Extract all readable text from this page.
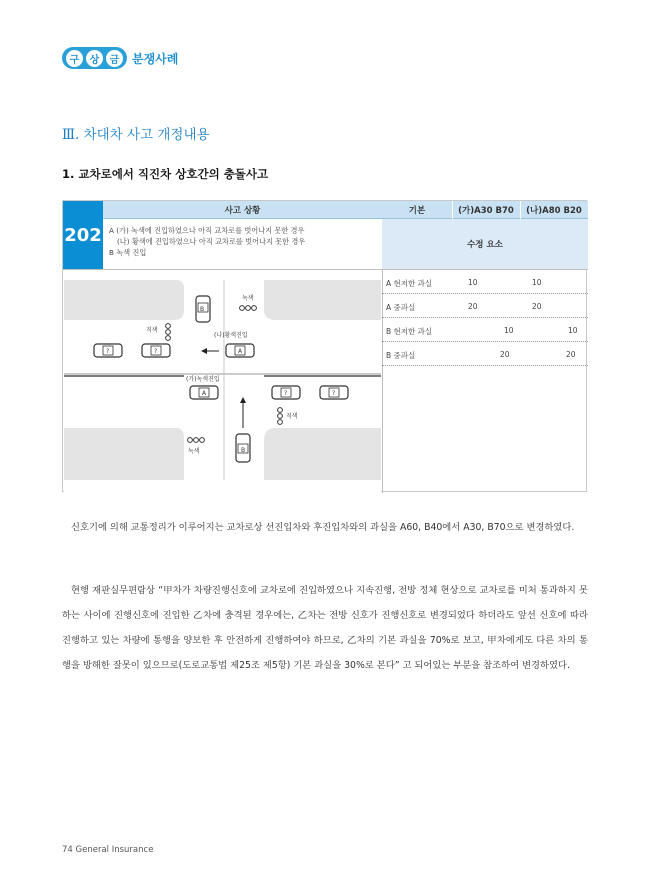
구	상	금	분쟁사례
Ⅲ. 차대차 사고 개정내용
1. 교차로에서 직진차 상호간의 충돌사고
사고 상황	기본	(가)A30 B70	(나)A80 B20
202 A (가) 녹색에 진입하였으나 아직 교차로를 벗어나지 못한 경우
(나) 황색에 진입하였으나 아직 교차로를 벗어나지 못한 경우
B 녹색 진입
수정 요소
A 현저한 과실	10	10
A 중과실	20	20
B 현저한 과실	10	10
B 중과실	20	20
녹색
직색
(나)황색진입
(가)녹색진입
직색
녹색
B
?	?	A
A	?	?
B

신호기에 의해 교통정리가 이루어지는 교차로상 선진입차와 후진입차와의 과실을 A60, B40에서 A30, B70으로 변경하였다.

현행 재판실무편람상 “甲차가 차량진행신호에 교차로에 진입하였으나 지속진행, 전방 정체 현상으로 교차로를 미처 통과하지 못하는 사이에 진행신호에 진입한 乙차에 충격된 경우에는, 乙차는 전방 신호가 진행신호로 변경되었다 하더라도 앞선 신호에 따라 진행하고 있는 차량에 통행을 양보한 후 안전하게 진행하여야 하므로, 乙차의 기본 과실을 70%로 보고, 甲차에게도 다른 차의 통행을 방해한 잘못이 있으므로(도로교통법 제25조 제5항) 기본 과실을 30%로 본다” 고 되어있는 부분을 참조하여 변경하였다.

74 General Insurance
